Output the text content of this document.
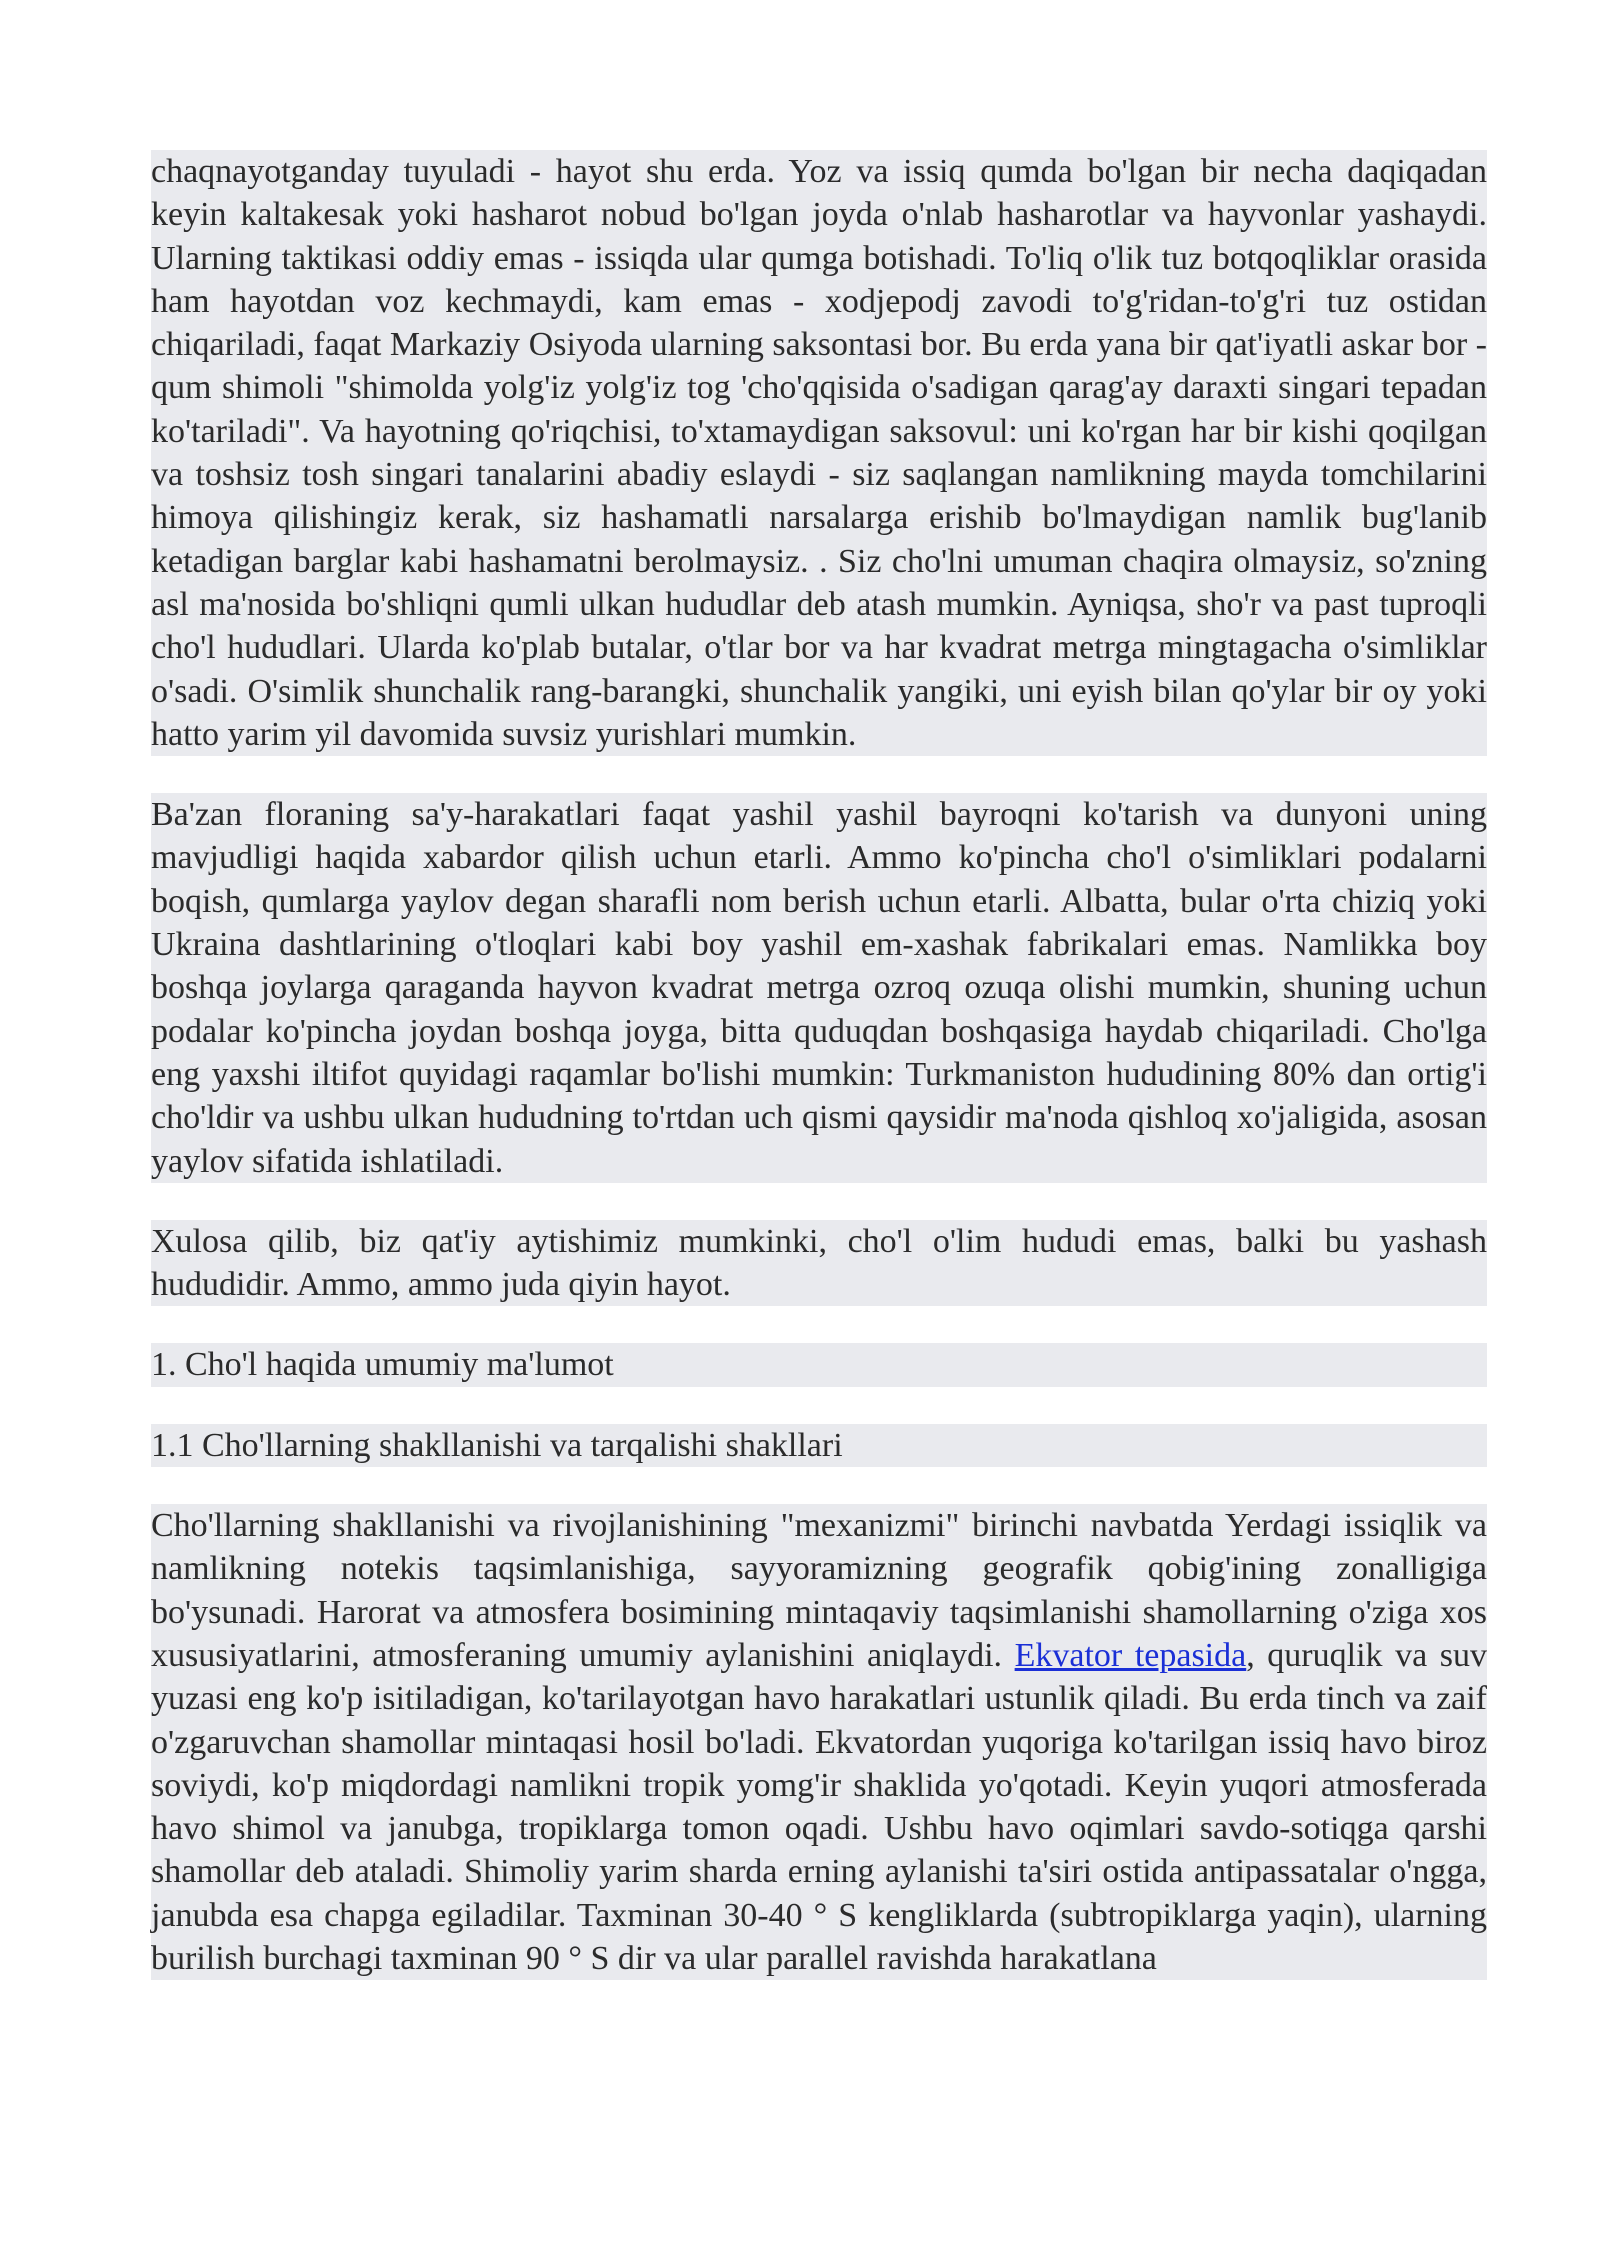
chaqnayotganday tuyuladi - hayot shu erda. Yoz va issiq qumda bo'lgan bir necha daqiqadan keyin kaltakesak yoki hasharot nobud bo'lgan joyda o'nlab hasharotlar va hayvonlar yashaydi. Ularning taktikasi oddiy emas - issiqda ular qumga botishadi. To'liq o'lik tuz botqoqliklar orasida ham hayotdan voz kechmaydi, kam emas - xodjepodj zavodi to'g'ridan-to'g'ri tuz ostidan chiqariladi, faqat Markaziy Osiyoda ularning saksontasi bor. Bu erda yana bir qat'iyatli askar bor - qum shimoli "shimolda yolg'iz yolg'iz tog 'cho'qqisida o'sadigan qarag'ay daraxti singari tepadan ko'tariladi". Va hayotning qo'riqchisi, to'xtamaydigan saksovul: uni ko'rgan har bir kishi qoqilgan va toshsiz tosh singari tanalarini abadiy eslaydi - siz saqlangan namlikning mayda tomchilarini himoya qilishingiz kerak, siz hashamatli narsalarga erishib bo'lmaydigan namlik bug'lanib ketadigan barglar kabi hashamatni berolmaysiz. . Siz cho'lni umuman chaqira olmaysiz, so'zning asl ma'nosida bo'shliqni qumli ulkan hududlar deb atash mumkin. Ayniqsa, sho'r va past tuproqli cho'l hududlari. Ularda ko'plab butalar, o'tlar bor va har kvadrat metrga mingtagacha o'simliklar o'sadi. O'simlik shunchalik rang-barangki, shunchalik yangiki, uni eyish bilan qo'ylar bir oy yoki hatto yarim yil davomida suvsiz yurishlari mumkin.

Ba'zan floraning sa'y-harakatlari faqat yashil yashil bayroqni ko'tarish va dunyoni uning mavjudligi haqida xabardor qilish uchun etarli. Ammo ko'pincha cho'l o'simliklari podalarni boqish, qumlarga yaylov degan sharafli nom berish uchun etarli. Albatta, bular o'rta chiziq yoki Ukraina dashtlarining o'tloqlari kabi boy yashil em-xashak fabrikalari emas. Namlikka boy boshqa joylarga qaraganda hayvon kvadrat metrga ozroq ozuqa olishi mumkin, shuning uchun podalar ko'pincha joydan boshqa joyga, bitta quduqdan boshqasiga haydab chiqariladi. Cho'lga eng yaxshi iltifot quyidagi raqamlar bo'lishi mumkin: Turkmaniston hududining 80% dan ortig'i cho'ldir va ushbu ulkan hududning to'rtdan uch qismi qaysidir ma'noda qishloq xo'jaligida, asosan yaylov sifatida ishlatiladi.

Xulosa qilib, biz qat'iy aytishimiz mumkinki, cho'l o'lim hududi emas, balki bu yashash hududidir. Ammo, ammo juda qiyin hayot.

1. Cho'l haqida umumiy ma'lumot

1.1 Cho'llarning shakllanishi va tarqalishi shakllari

Cho'llarning shakllanishi va rivojlanishining "mexanizmi" birinchi navbatda Yerdagi issiqlik va namlikning notekis taqsimlanishiga, sayyoramizning geografik qobig'ining zonalligiga bo'ysunadi. Harorat va atmosfera bosimining mintaqaviy taqsimlanishi shamollarning o'ziga xos xususiyatlarini, atmosferaning umumiy aylanishini aniqlaydi. Ekvator tepasida, quruqlik va suv yuzasi eng ko'p isitiladigan, ko'tarilayotgan havo harakatlari ustunlik qiladi. Bu erda tinch va zaif o'zgaruvchan shamollar mintaqasi hosil bo'ladi. Ekvatordan yuqoriga ko'tarilgan issiq havo biroz soviydi, ko'p miqdordagi namlikni tropik yomg'ir shaklida yo'qotadi. Keyin yuqori atmosferada havo shimol va janubga, tropiklarga tomon oqadi. Ushbu havo oqimlari savdo-sotiqga qarshi shamollar deb ataladi. Shimoliy yarim sharda erning aylanishi ta'siri ostida antipassatalar o'ngga, janubda esa chapga egiladilar. Taxminan 30-40 ° S kengliklarda (subtropiklarga yaqin), ularning burilish burchagi taxminan 90 ° S dir va ular parallel ravishda harakatlana
